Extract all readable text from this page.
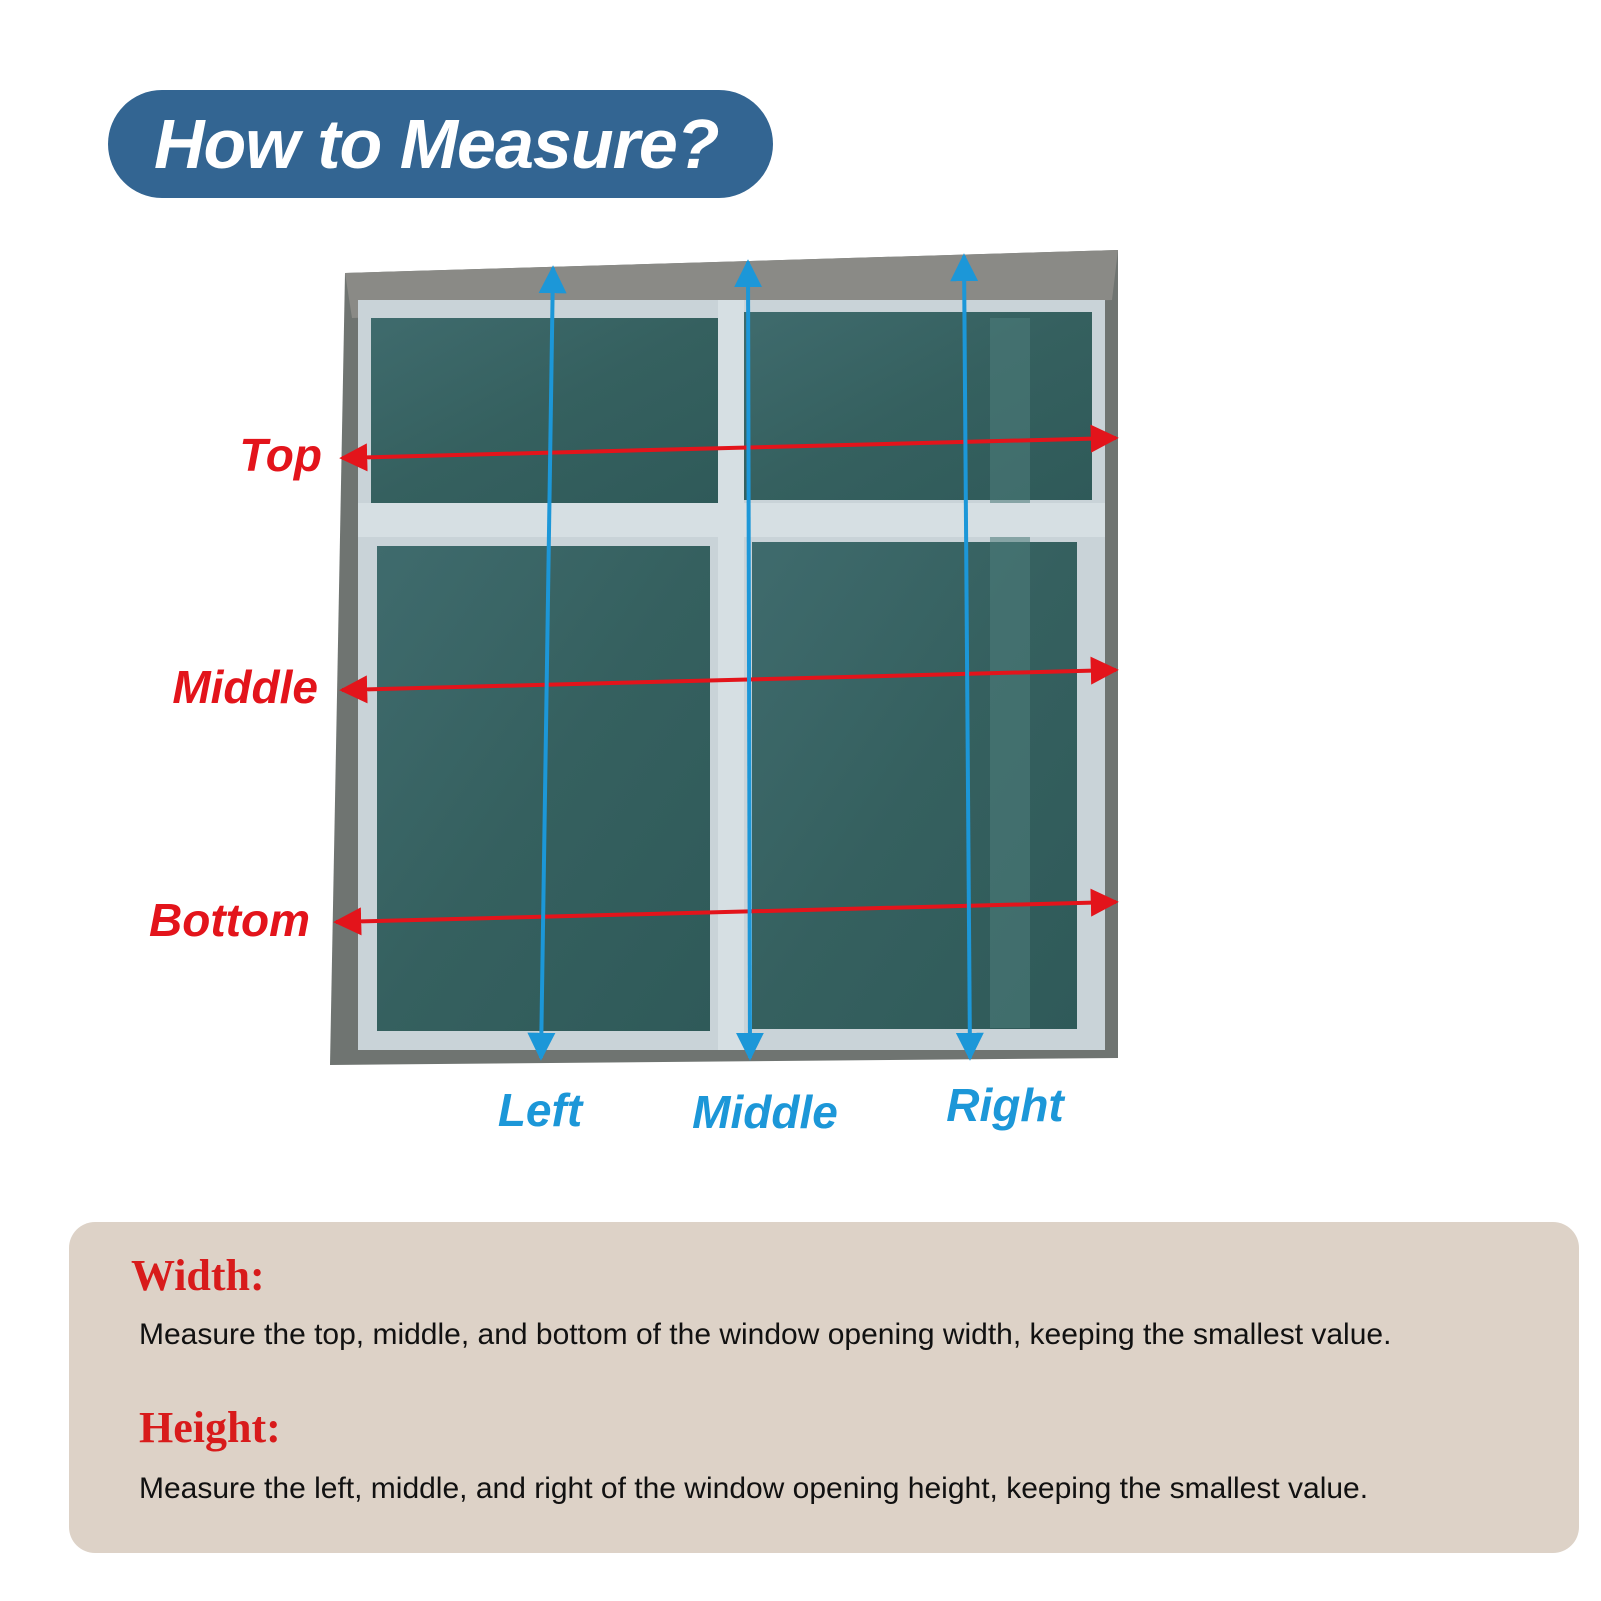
How to Measure?
Top
Middle
Bottom
Left	Middle	Right
Width:
Measure the top, middle, and bottom of the window opening width, keeping the smallest value.
Height:
Measure the left, middle, and right of the window opening height, keeping the smallest value.
